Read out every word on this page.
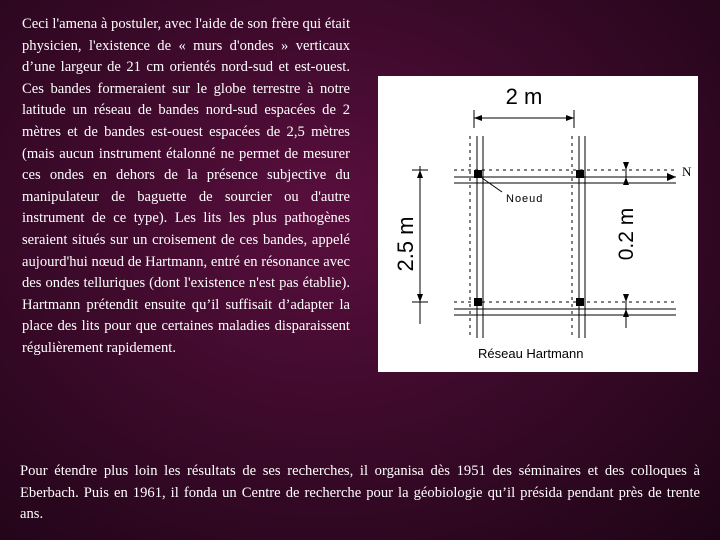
Ceci l'amena à postuler, avec l'aide de son frère qui était physicien, l'existence de « murs d'ondes » verticaux d’une largeur de 21 cm orientés nord-sud et est-ouest. Ces bandes formeraient sur le globe terrestre à notre latitude un réseau de bandes nord-sud espacées de 2 mètres et de bandes est-ouest espacées de 2,5 mètres (mais aucun instrument étalonné ne permet de mesurer ces ondes en dehors de la présence subjective du manipulateur de baguette de sourcier ou d'autre instrument de ce type). Les lits les plus pathogènes seraient situés sur un croisement de ces bandes, appelé aujourd'hui nœud de Hartmann, entré en résonance avec des ondes telluriques (dont l'existence n'est pas établie). Hartmann prétendit ensuite qu’il suffisait d’adapter la place des lits pour que certaines maladies disparaissent régulièrement rapidement.

2 m
2.5 m
N
Noeud
0.2 m
Réseau Hartmann

Pour étendre plus loin les résultats de ses recherches, il organisa dès 1951 des séminaires et des colloques à Eberbach. Puis en 1961, il fonda un Centre de recherche pour la géobiologie qu’il présida pendant près de trente ans.
